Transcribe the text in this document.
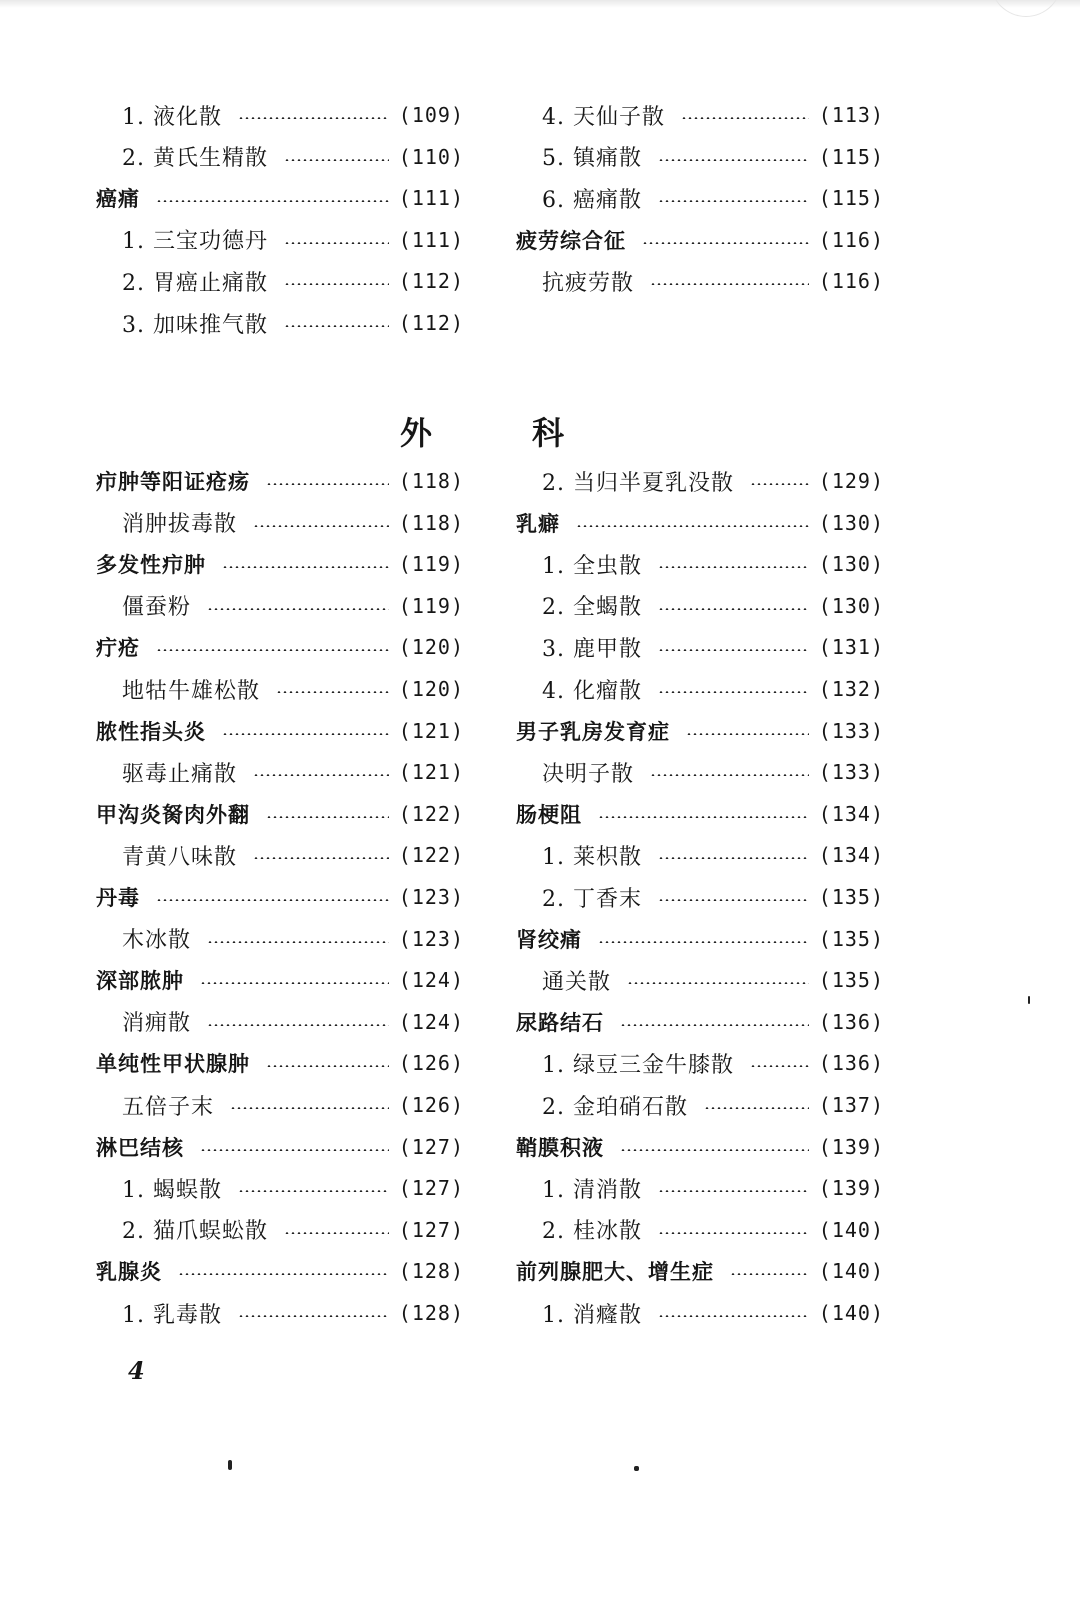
1. 液化散	(109)
2. 黄氏生精散	(110)
癌痛	(111)
1. 三宝功德丹	(111)
2. 胃癌止痛散	(112)
3. 加味推气散	(112)
4. 天仙子散	(113)
5. 镇痛散	(115)
6. 癌痛散	(115)
疲劳综合征	(116)
抗疲劳散	(116)
外科
疖肿等阳证疮疡	(118)
消肿拔毒散	(118)
多发性疖肿	(119)
僵蚕粉	(119)
疔疮	(120)
地牯牛雄松散	(120)
脓性指头炎	(121)
驱毒止痛散	(121)
甲沟炎胬肉外翻	(122)
青黄八味散	(122)
丹毒	(123)
木冰散	(123)
深部脓肿	(124)
消痈散	(124)
单纯性甲状腺肿	(126)
五倍子末	(126)
淋巴结核	(127)
1. 蝎蜈散	(127)
2. 猫爪蜈蚣散	(127)
乳腺炎	(128)
1. 乳毒散	(128)
2. 当归半夏乳没散	(129)
乳癖	(130)
1. 全虫散	(130)
2. 全蝎散	(130)
3. 鹿甲散	(131)
4. 化瘤散	(132)
男子乳房发育症	(133)
决明子散	(133)
肠梗阻	(134)
1. 莱枳散	(134)
2. 丁香末	(135)
肾绞痛	(135)
通关散	(135)
尿路结石	(136)
1. 绿豆三金牛膝散	(136)
2. 金珀硝石散	(137)
鞘膜积液	(139)
1. 清消散	(139)
2. 桂冰散	(140)
前列腺肥大、增生症	(140)
1. 消癃散	(140)
4
